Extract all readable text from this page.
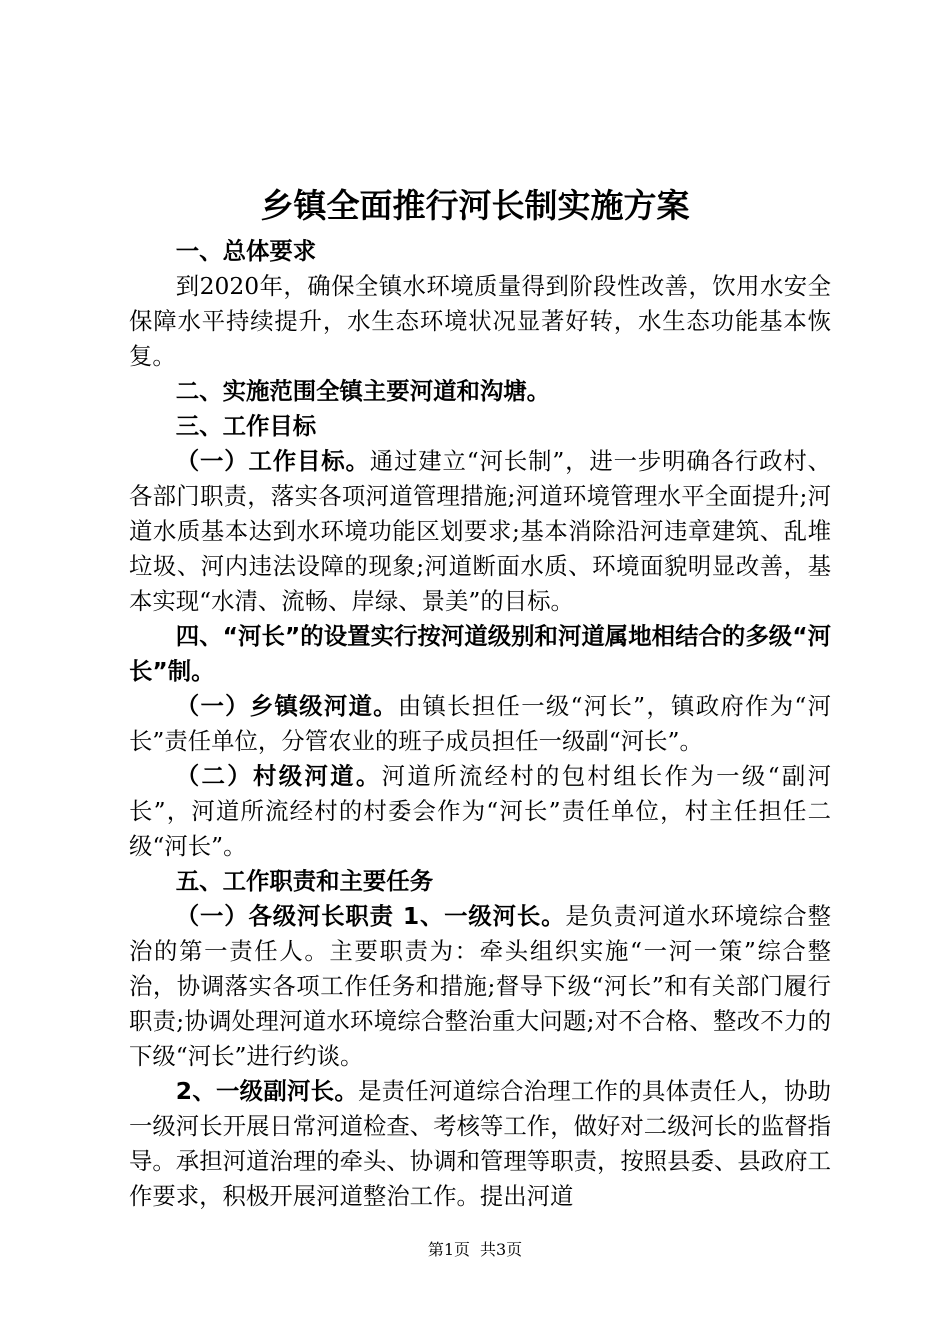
乡镇全面推行河长制实施方案

一、总体要求

到2020年，确保全镇水环境质量得到阶段性改善，饮用水安全保障水平持续提升，水生态环境状况显著好转，水生态功能基本恢复。

二、实施范围全镇主要河道和沟塘。

三、工作目标

（一）工作目标。通过建立“河长制”，进一步明确各行政村、各部门职责，落实各项河道管理措施;河道环境管理水平全面提升;河道水质基本达到水环境功能区划要求;基本消除沿河违章建筑、乱堆垃圾、河内违法设障的现象;河道断面水质、环境面貌明显改善，基本实现“水清、流畅、岸绿、景美”的目标。

四、“河长”的设置实行按河道级别和河道属地相结合的多级“河长”制。

（一）乡镇级河道。由镇长担任一级“河长”，镇政府作为“河长”责任单位，分管农业的班子成员担任一级副“河长”。

（二）村级河道。河道所流经村的包村组长作为一级“副河长”，河道所流经村的村委会作为“河长”责任单位，村主任担任二级“河长”。

五、工作职责和主要任务

（一）各级河长职责 1、一级河长。是负责河道水环境综合整治的第一责任人。主要职责为：牵头组织实施“一河一策”综合整治，协调落实各项工作任务和措施;督导下级“河长”和有关部门履行职责;协调处理河道水环境综合整治重大问题;对不合格、整改不力的下级“河长”进行约谈。

2、一级副河长。是责任河道综合治理工作的具体责任人，协助一级河长开展日常河道检查、考核等工作，做好对二级河长的监督指导。承担河道治理的牵头、协调和管理等职责，按照县委、县政府工作要求，积极开展河道整治工作。提出河道

第1页 共3页
